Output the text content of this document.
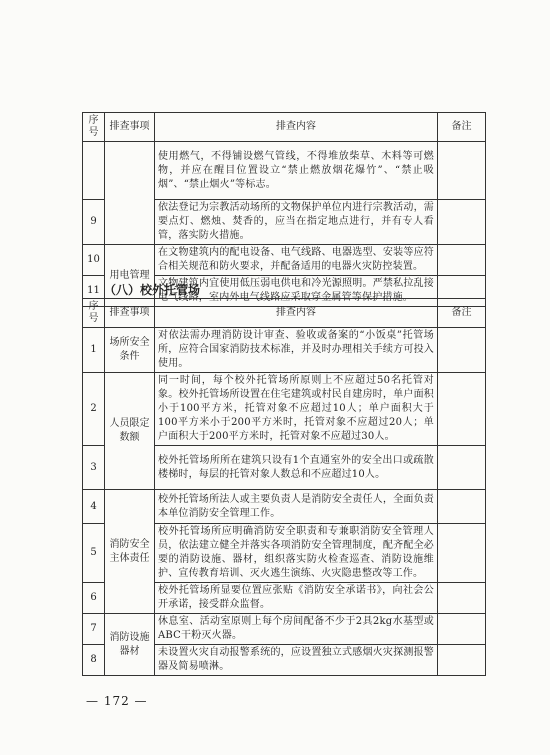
序号	排查事项	排查内容	备注
		使用燃气，不得铺设燃气管线，不得堆放柴草、木料等可燃物，并应在醒目位置设立“禁止燃放烟花爆竹”、“禁止吸烟”、“禁止烟火”等标志。	
9		依法登记为宗教活动场所的文物保护单位内进行宗教活动，需要点灯、燃烛、焚香的，应当在指定地点进行，并有专人看管，落实防火措施。	
10	用电管理	在文物建筑内的配电设备、电气线路、电器选型、安装等应符合相关规范和防火要求，并配备适用的电器火灾防控装置。	
11		文物建筑内宜使用低压弱电供电和冷光源照明。严禁私拉乱接电气线路，室内外电气线路应采取穿金属管等保护措施。	
（八）校外托管场
序号	排查事项	排查内容	备注
1	场所安全条件	对依法需办理消防设计审查、验收或备案的“小饭桌”托管场所，应符合国家消防技术标准，并及时办理相关手续方可投入使用。	
2	人员限定数额	同一时间，每个校外托管场所原则上不应超过50名托管对象。校外托管场所设置在住宅建筑或村民自建房时，单户面积小于100平方米，托管对象不应超过10人；单户面积大于100平方米小于200平方米时，托管对象不应超过20人；单户面积大于200平方米时，托管对象不应超过30人。	
3		校外托管场所所在建筑只设有1个直通室外的安全出口或疏散楼梯时，每层的托管对象人数总和不应超过10人。	
4	消防安全主体责任	校外托管场所法人或主要负责人是消防安全责任人，全面负责本单位消防安全管理工作。	
5		校外托管场所应明确消防安全职责和专兼职消防安全管理人员，依法建立健全并落实各项消防安全管理制度，配齐配全必要的消防设施、器材，组织落实防火检查巡查、消防设施维护、宣传教育培训、灭火逃生演练、火灾隐患整改等工作。	
6		校外托管场所显要位置应张贴《消防安全承诺书》，向社会公开承诺，接受群众监督。	
7	消防设施器材	休息室、活动室原则上每个房间配备不少于2具2kg水基型或ABC干粉灭火器。	
8		未设置火灾自动报警系统的，应设置独立式感烟火灾探测报警器及简易喷淋。	
— 172 —
